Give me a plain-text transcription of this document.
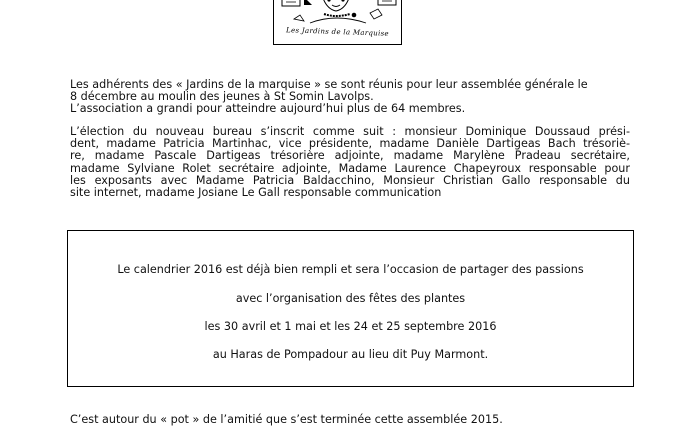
Les Jardins de la Marquise
Les adhérents des « Jardins de la marquise » se sont réunis pour leur assemblée générale le
8 décembre au moulin des jeunes à St Somin Lavolps.
L’association a grandi pour atteindre aujourd’hui plus de 64 membres.
L’élection du nouveau bureau s’inscrit comme suit : monsieur Dominique Doussaud prési-
dent, madame Patricia Martinhac, vice présidente, madame Danièle Dartigeas Bach trésoriè-
re, madame Pascale Dartigeas trésorière adjointe, madame Marylène Pradeau secrétaire,
madame Sylviane Rolet secrétaire adjointe, Madame Laurence Chapeyroux responsable pour
les exposants avec Madame Patricia Baldacchino, Monsieur Christian Gallo responsable du
site internet, madame Josiane Le Gall responsable communication
Le calendrier 2016 est déjà bien rempli et sera l’occasion de partager des passions
avec l’organisation des fêtes des plantes
les 30 avril et 1 mai et les 24 et 25 septembre 2016
au Haras de Pompadour au lieu dit Puy Marmont.
C’est autour du « pot » de l’amitié que s’est terminée cette assemblée 2015.
